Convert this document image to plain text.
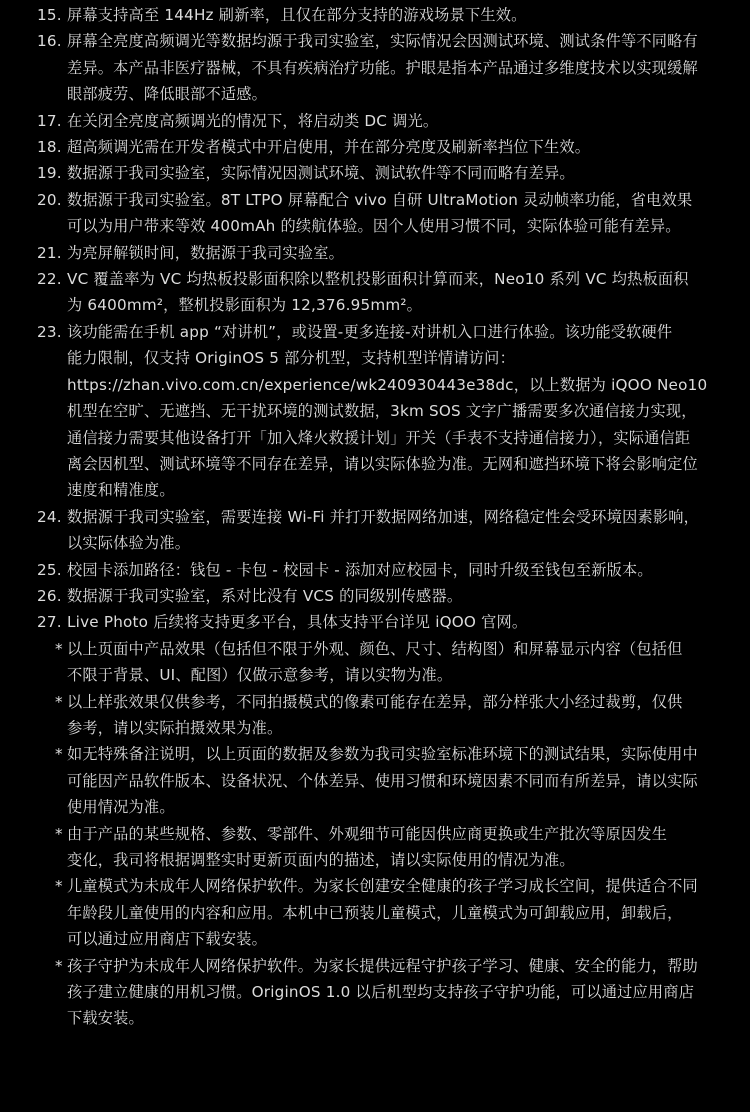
15. 屏幕支持高至 144Hz 刷新率，且仅在部分支持的游戏场景下生效。
16. 屏幕全亮度高频调光等数据均源于我司实验室，实际情况会因测试环境、测试条件等不同略有
差异。本产品非医疗器械，不具有疾病治疗功能。护眼是指本产品通过多维度技术以实现缓解
眼部疲劳、降低眼部不适感。
17. 在关闭全亮度高频调光的情况下，将启动类 DC 调光。
18. 超高频调光需在开发者模式中开启使用，并在部分亮度及刷新率挡位下生效。
19. 数据源于我司实验室，实际情况因测试环境、测试软件等不同而略有差异。
20. 数据源于我司实验室。8T LTPO 屏幕配合 vivo 自研 UltraMotion 灵动帧率功能，省电效果
可以为用户带来等效 400mAh 的续航体验。因个人使用习惯不同，实际体验可能有差异。
21. 为亮屏解锁时间，数据源于我司实验室。
22. VC 覆盖率为 VC 均热板投影面积除以整机投影面积计算而来，Neo10 系列 VC 均热板面积
为 6400mm²，整机投影面积为 12,376.95mm²。
23. 该功能需在手机 app “对讲机”，或设置-更多连接-对讲机入口进行体验。该功能受软硬件
能力限制，仅支持 OriginOS 5 部分机型，支持机型详情请访问：
https://zhan.vivo.com.cn/experience/wk240930443e38dc，以上数据为 iQOO Neo10
机型在空旷、无遮挡、无干扰环境的测试数据，3km SOS 文字广播需要多次通信接力实现，
通信接力需要其他设备打开「加入烽火救援计划」开关（手表不支持通信接力），实际通信距
离会因机型、测试环境等不同存在差异，请以实际体验为准。无网和遮挡环境下将会影响定位
速度和精准度。
24. 数据源于我司实验室，需要连接 Wi-Fi 并打开数据网络加速，网络稳定性会受环境因素影响，
以实际体验为准。
25. 校园卡添加路径：钱包 - 卡包 - 校园卡 - 添加对应校园卡，同时升级至钱包至新版本。
26. 数据源于我司实验室，系对比没有 VCS 的同级别传感器。
27. Live Photo 后续将支持更多平台，具体支持平台详见 iQOO 官网。
* 以上页面中产品效果（包括但不限于外观、颜色、尺寸、结构图）和屏幕显示内容（包括但
不限于背景、UI、配图）仅做示意参考，请以实物为准。
* 以上样张效果仅供参考，不同拍摄模式的像素可能存在差异，部分样张大小经过裁剪，仅供
参考，请以实际拍摄效果为准。
* 如无特殊备注说明，以上页面的数据及参数为我司实验室标准环境下的测试结果，实际使用中
可能因产品软件版本、设备状况、个体差异、使用习惯和环境因素不同而有所差异，请以实际
使用情况为准。
* 由于产品的某些规格、参数、零部件、外观细节可能因供应商更换或生产批次等原因发生
变化，我司将根据调整实时更新页面内的描述，请以实际使用的情况为准。
* 儿童模式为未成年人网络保护软件。为家长创建安全健康的孩子学习成长空间，提供适合不同
年龄段儿童使用的内容和应用。本机中已预装儿童模式，儿童模式为可卸载应用，卸载后，
可以通过应用商店下载安装。
* 孩子守护为未成年人网络保护软件。为家长提供远程守护孩子学习、健康、安全的能力，帮助
孩子建立健康的用机习惯。OriginOS 1.0 以后机型均支持孩子守护功能，可以通过应用商店
下载安装。
